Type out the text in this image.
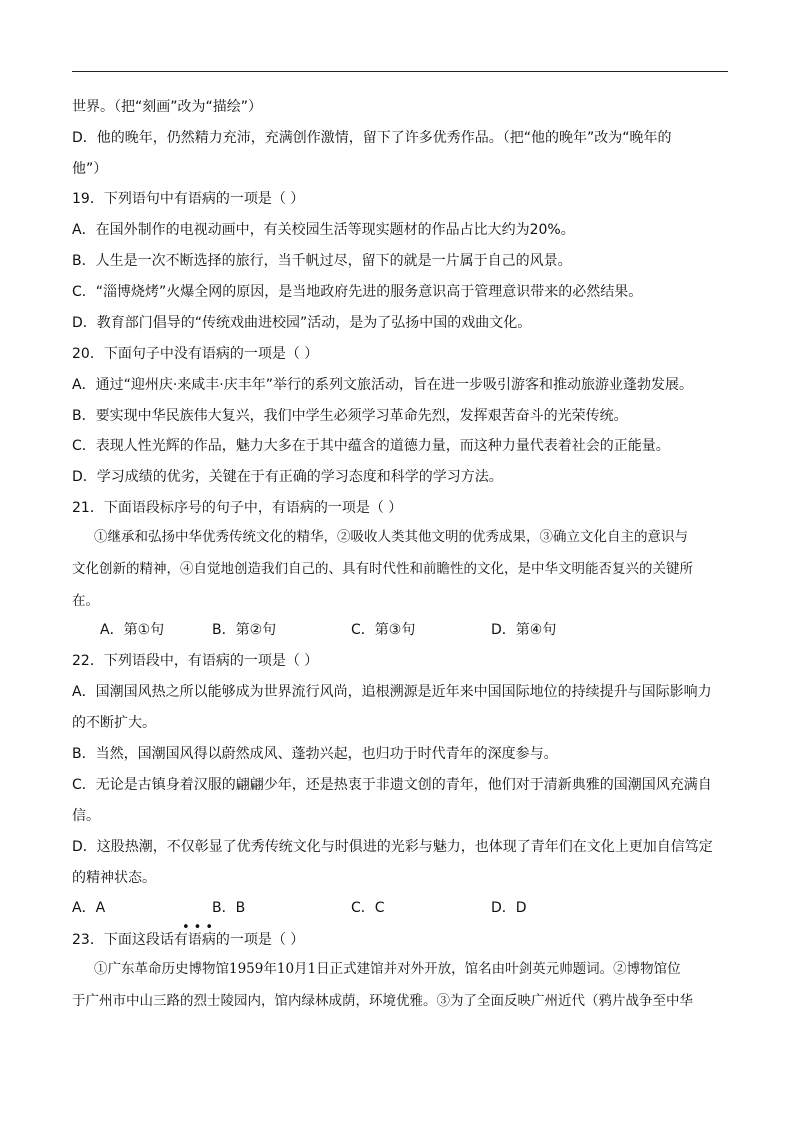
世界。（把“刻画”改为“描绘”）
D．他的晚年，仍然精力充沛，充满创作激情，留下了许多优秀作品。（把“他的晚年”改为“晚年的
他”）
19．下列语句中有语病的一项是（ ）
A．在国外制作的电视动画中，有关校园生活等现实题材的作品占比大约为20%。
B．人生是一次不断选择的旅行，当千帆过尽，留下的就是一片属于自己的风景。
C．“淄博烧烤”火爆全网的原因，是当地政府先进的服务意识高于管理意识带来的必然结果。
D．教育部门倡导的“传统戏曲进校园”活动，是为了弘扬中国的戏曲文化。
20．下面句子中没有语病的一项是（ ）
A．通过“迎州庆·来咸丰·庆丰年”举行的系列文旅活动，旨在进一步吸引游客和推动旅游业蓬勃发展。
B．要实现中华民族伟大复兴，我们中学生必须学习革命先烈，发挥艰苦奋斗的光荣传统。
C．表现人性光辉的作品，魅力大多在于其中蕴含的道德力量，而这种力量代表着社会的正能量。
D．学习成绩的优劣，关键在于有正确的学习态度和科学的学习方法。
21．下面语段标序号的句子中，有语病的一项是（ ）

①继承和弘扬中华优秀传统文化的精华，②吸收人类其他文明的优秀成果，③确立文化自主的意识与

文化创新的精神，④自觉地创造我们自己的、具有时代性和前瞻性的文化，是中华文明能否复兴的关键所

在。

A．第①句	B．第②句	C．第③句	D．第④句
22．下列语段中，有语病的一项是（ ）
A．国潮国风热之所以能够成为世界流行风尚，追根溯源是近年来中国国际地位的持续提升与国际影响力
的不断扩大。
B．当然，国潮国风得以蔚然成风、蓬勃兴起，也归功于时代青年的深度参与。
C．无论是古镇身着汉服的翩翩少年，还是热衷于非遗文创的青年，他们对于清新典雅的国潮国风充满自
信。
D．这股热潮，不仅彰显了优秀传统文化与时俱进的光彩与魅力，也体现了青年们在文化上更加自信笃定
的精神状态。
A．A	B．B	C．C	D．D
•••
23．下面这段话有语病的一项是（ ）

①广东革命历史博物馆1959年10月1日正式建馆并对外开放，馆名由叶剑英元帅题词。②博物馆位

于广州市中山三路的烈士陵园内，馆内绿林成荫，环境优雅。③为了全面反映广州近代（鸦片战争至中华
